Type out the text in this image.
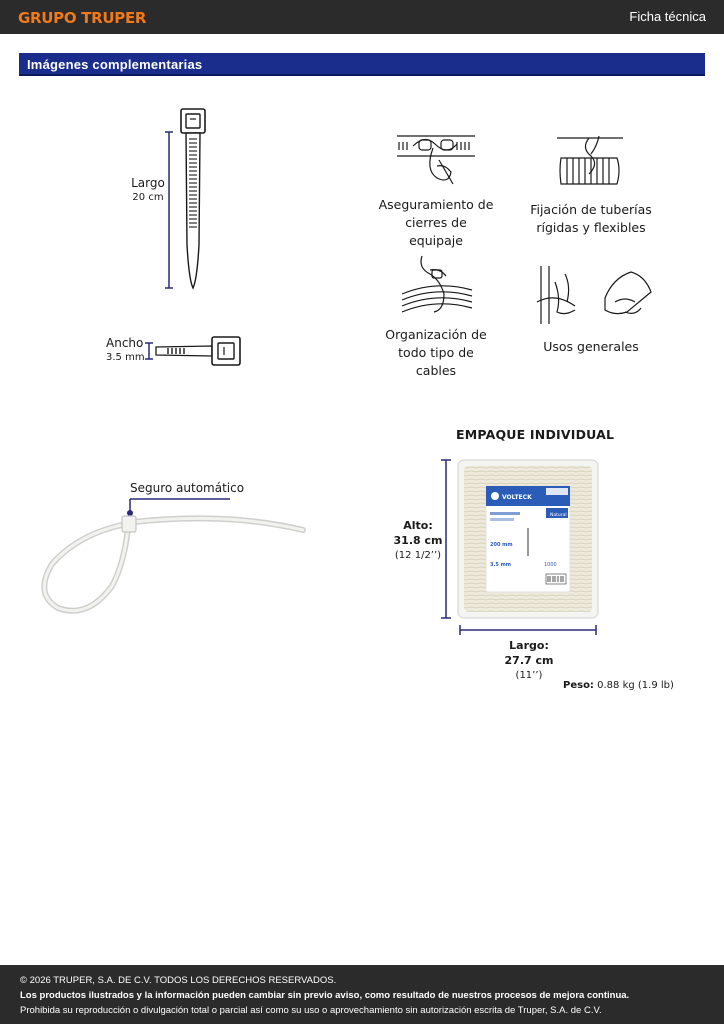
GRUPO TRUPER	Ficha técnica
Imágenes complementarias
Largo
20 cm
Ancho
3.5 mm
Seguro automático
Aseguramiento de
cierres de equipaje
Fijación de tuberías
rígidas y flexibles
Organización de
todo tipo de cables
Usos generales
EMPAQUE INDIVIDUAL
Alto:
31.8 cm
(12 1/2’’)
VOLTECK
Natural
200 mm
3.5 mm	1000
Largo:
27.7 cm
(11’’)
Peso: 0.88 kg (1.9 lb)

© 2026 TRUPER, S.A. DE C.V. TODOS LOS DERECHOS RESERVADOS.

Los productos ilustrados y la información pueden cambiar sin previo aviso, como resultado de nuestros procesos de mejora continua.

Prohibida su reproducción o divulgación total o parcial así como su uso o aprovechamiento sin autorización escrita de Truper, S.A. de C.V.
